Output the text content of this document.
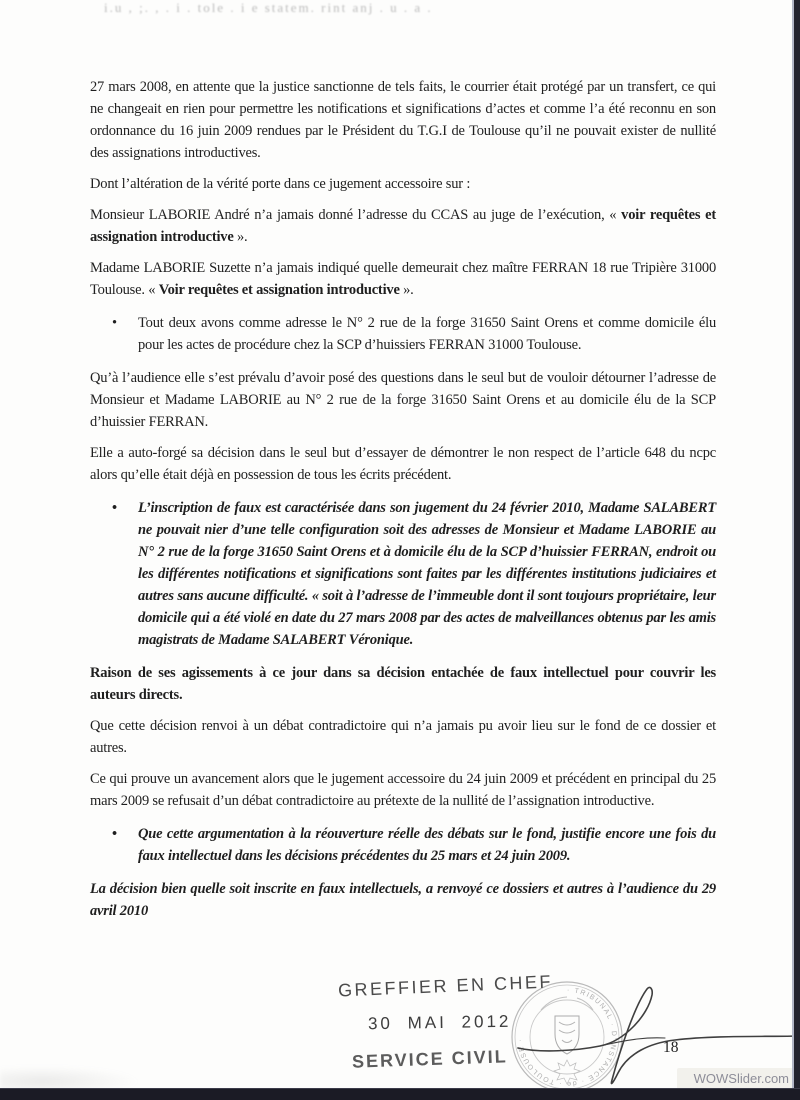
i.u , ;. , . i . tole . i e statem. rint anj . u . a .
27 mars 2008, en attente que la justice sanctionne de tels faits, le courrier était protégé par un transfert, ce qui ne changeait en rien pour permettre les notifications et significations d’actes et comme l’a été reconnu en son ordonnance du 16 juin 2009 rendues par le Président du T.G.I de Toulouse qu’il ne pouvait exister de nullité des assignations introductives.
Dont l’altération de la vérité porte dans ce jugement accessoire sur :
Monsieur LABORIE André n’a jamais donné l’adresse du CCAS au juge de l’exécution, « voir requêtes et assignation introductive ».
Madame LABORIE Suzette n’a jamais indiqué quelle demeurait chez maître FERRAN 18 rue Tripière 31000 Toulouse. « Voir requêtes et assignation introductive ».
•	Tout deux avons comme adresse le N° 2 rue de la forge 31650 Saint Orens et comme domicile élu pour les actes de procédure chez la SCP d’huissiers FERRAN 31000 Toulouse.
Qu’à l’audience elle s’est prévalu d’avoir posé des questions dans le seul but de vouloir détourner l’adresse de Monsieur et Madame LABORIE au N° 2 rue de la forge 31650 Saint Orens et au domicile élu de la SCP d’huissier FERRAN.
Elle a auto-forgé sa décision dans le seul but d’essayer de démontrer le non respect de l’article 648 du ncpc alors qu’elle était déjà en possession de tous les écrits précédent.
•	L’inscription de faux est caractérisée dans son jugement du 24 février 2010, Madame SALABERT ne pouvait nier d’une telle configuration soit des adresses de Monsieur et Madame LABORIE au N° 2 rue de la forge 31650 Saint Orens et à domicile élu de la SCP d’huissier FERRAN, endroit ou les différentes notifications et significations sont faites par les différentes institutions judiciaires et autres sans aucune difficulté. « soit à l’adresse de l’immeuble dont il sont toujours propriétaire, leur domicile qui a été violé en date du 27 mars 2008 par des actes de malveillances obtenus par les amis magistrats de Madame SALABERT Véronique.
Raison de ses agissements à ce jour dans sa décision entachée de faux intellectuel pour couvrir les auteurs directs.
Que cette décision renvoi à un débat contradictoire qui n’a jamais pu avoir lieu sur le fond de ce dossier et autres.
Ce qui prouve un avancement alors que le jugement accessoire du 24 juin 2009 et précédent en principal du 25 mars 2009 se refusait d’un débat contradictoire au prétexte de la nullité de l’assignation introductive.
•	Que cette argumentation à la réouverture réelle des débats sur le fond, justifie encore une fois du faux intellectuel dans les décisions précédentes du 25 mars et 24 juin 2009.
La décision bien quelle soit inscrite en faux intellectuels, a renvoyé ce dossiers et autres à l’audience du 29 avril 2010
· TRIBUNAL · D’INSTANCE · de · TOULOUSE ·
GREFFIER EN CHEF
30 MAI 2012
SERVICE CIVIL	18
WOWSlider.com
